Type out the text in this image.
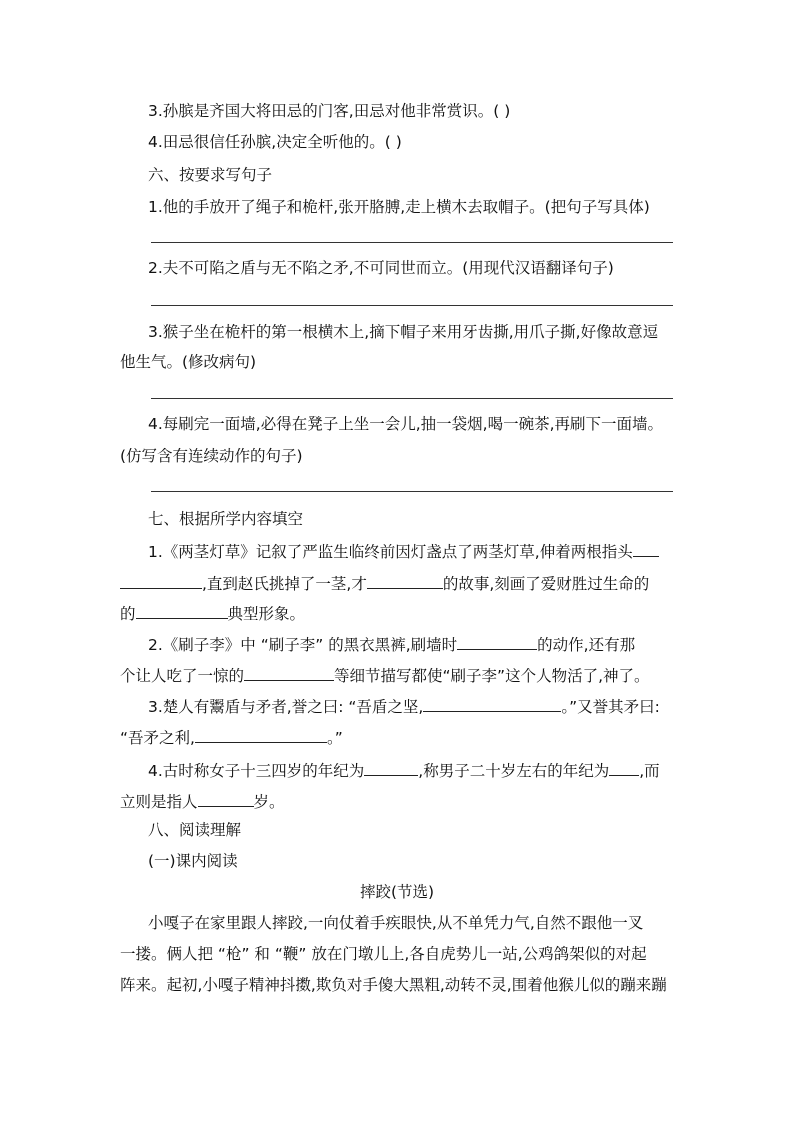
3.孙膑是齐国大将田忌的门客,田忌对他非常赏识。( )
4.田忌很信任孙膑,决定全听他的。( )
六、按要求写句子
1.他的手放开了绳子和桅杆,张开胳膊,走上横木去取帽子。(把句子写具体)
2.夫不可陷之盾与无不陷之矛,不可同世而立。(用现代汉语翻译句子)
3.猴子坐在桅杆的第一根横木上,摘下帽子来用牙齿撕,用爪子撕,好像故意逗
他生气。(修改病句)
4.每刷完一面墙,必得在凳子上坐一会儿,抽一袋烟,喝一碗茶,再刷下一面墙。
(仿写含有连续动作的句子)
七、根据所学内容填空
1.《两茎灯草》记叙了严监生临终前因灯盏点了两茎灯草,伸着两根指头
,直到赵氏挑掉了一茎,才	的故事,刻画了爱财胜过生命的
的	典型形象。
2.《刷子李》中 “刷子李” 的黑衣黑裤,刷墙时	的动作,还有那
个让人吃了一惊的	等细节描写都使“刷子李”这个人物活了,神了。
3.楚人有鬻盾与矛者,誉之曰: “吾盾之坚,	。”又誉其矛曰:
“吾矛之利,	。”
4.古时称女子十三四岁的年纪为	,称男子二十岁左右的年纪为 ,而
立则是指人	岁。
八、阅读理解
(一)课内阅读
摔跤(节选)
小嘎子在家里跟人摔跤,一向仗着手疾眼快,从不单凭力气,自然不跟他一叉
一搂。俩人把 “枪” 和 “鞭” 放在门墩儿上,各自虎势儿一站,公鸡鸽架似的对起
阵来。起初,小嘎子精神抖擞,欺负对手傻大黑粗,动转不灵,围着他猴儿似的蹦来蹦
